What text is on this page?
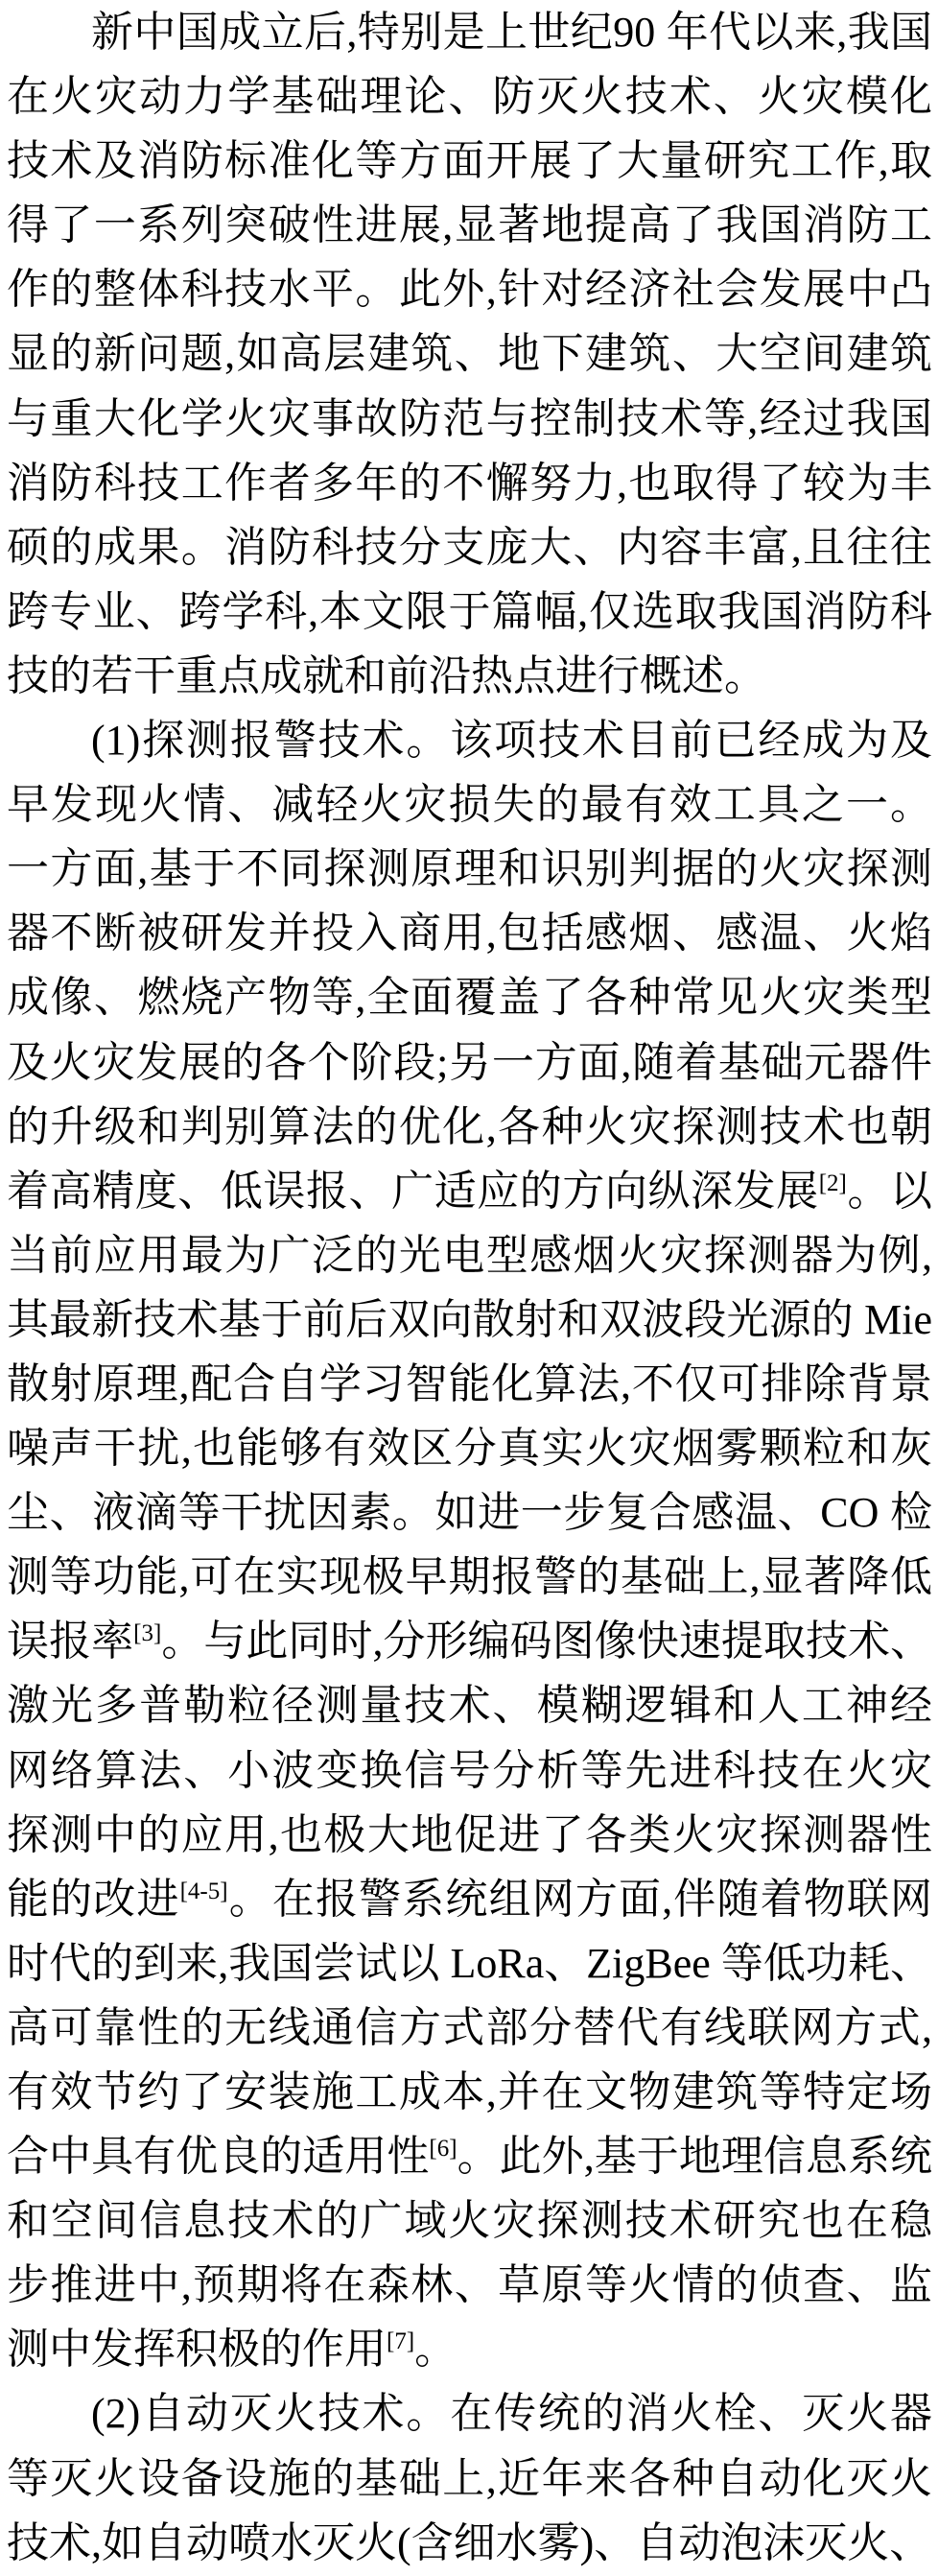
新中国成立后,特别是上世纪90 年代以来,我国在火灾动力学基础理论、防灭火技术、火灾模化技术及消防标准化等方面开展了大量研究工作,取得了一系列突破性进展,显著地提高了我国消防工作的整体科技水平。此外,针对经济社会发展中凸显的新问题,如高层建筑、地下建筑、大空间建筑与重大化学火灾事故防范与控制技术等,经过我国消防科技工作者多年的不懈努力,也取得了较为丰硕的成果。消防科技分支庞大、内容丰富,且往往跨专业、跨学科,本文限于篇幅,仅选取我国消防科技的若干重点成就和前沿热点进行概述。

(1)探测报警技术。该项技术目前已经成为及早发现火情、减轻火灾损失的最有效工具之一。一方面,基于不同探测原理和识别判据的火灾探测器不断被研发并投入商用,包括感烟、感温、火焰成像、燃烧产物等,全面覆盖了各种常见火灾类型及火灾发展的各个阶段;另一方面,随着基础元器件的升级和判别算法的优化,各种火灾探测技术也朝着高精度、低误报、广适应的方向纵深发展[2]。以当前应用最为广泛的光电型感烟火灾探测器为例,其最新技术基于前后双向散射和双波段光源的 Mie 散射原理,配合自学习智能化算法,不仅可排除背景噪声干扰,也能够有效区分真实火灾烟雾颗粒和灰尘、液滴等干扰因素。如进一步复合感温、CO 检测等功能,可在实现极早期报警的基础上,显著降低误报率[3]。与此同时,分形编码图像快速提取技术、激光多普勒粒径测量技术、模糊逻辑和人工神经网络算法、小波变换信号分析等先进科技在火灾探测中的应用,也极大地促进了各类火灾探测器性能的改进[4-5]。在报警系统组网方面,伴随着物联网时代的到来,我国尝试以 LoRa、ZigBee 等低功耗、高可靠性的无线通信方式部分替代有线联网方式,有效节约了安装施工成本,并在文物建筑等特定场合中具有优良的适用性[6]。此外,基于地理信息系统和空间信息技术的广域火灾探测技术研究也在稳步推进中,预期将在森林、草原等火情的侦查、监测中发挥积极的作用[7]。

(2)自动灭火技术。在传统的消火栓、灭火器等灭火设备设施的基础上,近年来各种自动化灭火技术,如自动喷水灭火(含细水雾)、自动泡沫灭火、
